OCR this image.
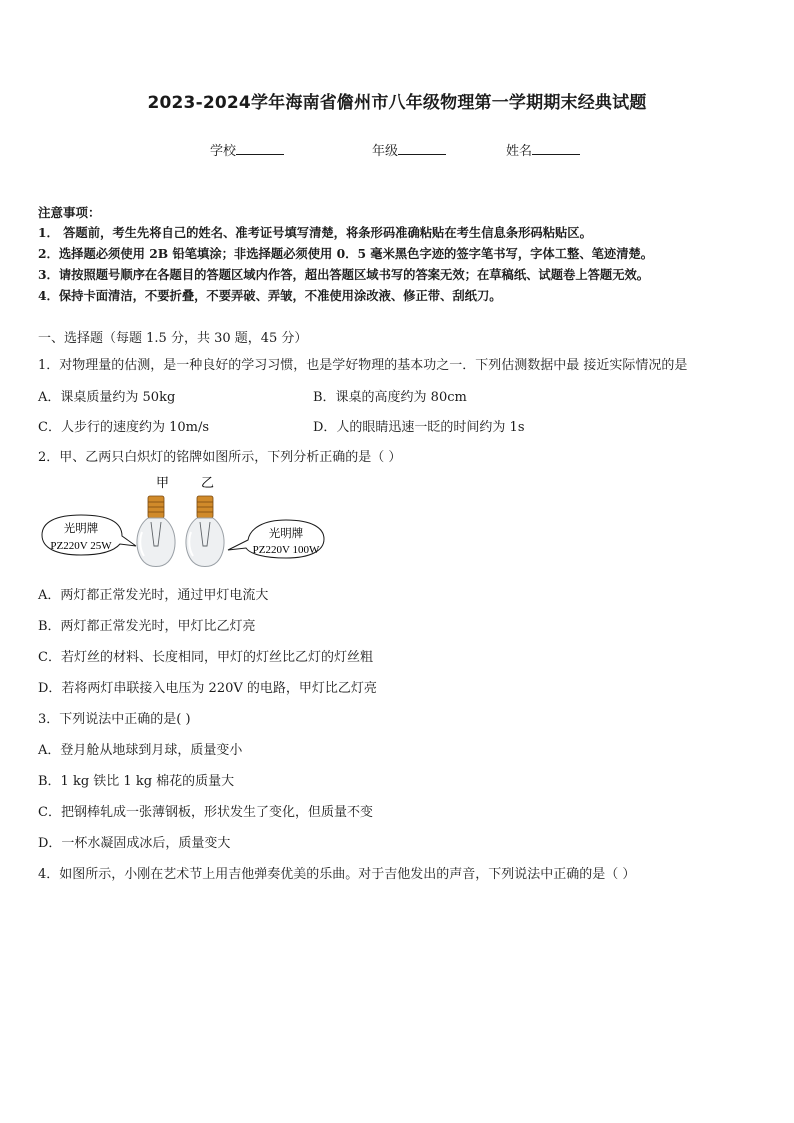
2023-2024学年海南省儋州市八年级物理第一学期期末经典试题
学校	年级	姓名
注意事项：
1． 答题前，考生先将自己的姓名、准考证号填写清楚，将条形码准确粘贴在考生信息条形码粘贴区。
2．选择题必须使用 2B 铅笔填涂；非选择题必须使用 0．5 毫米黑色字迹的签字笔书写，字体工整、笔迹清楚。
3．请按照题号顺序在各题目的答题区域内作答，超出答题区域书写的答案无效；在草稿纸、试题卷上答题无效。
4．保持卡面清洁，不要折叠，不要弄破、弄皱，不准使用涂改液、修正带、刮纸刀。
一、选择题（每题 1.5 分，共 30 题，45 分）
1．对物理量的估测，是一种良好的学习习惯，也是学好物理的基本功之一．下列估测数据中最 接近实际情况的是
A．课桌质量约为 50kg	B．课桌的高度约为 80cm
C．人步行的速度约为 10m/s	D．人的眼睛迅速一眨的时间约为 1s
2．甲、乙两只白炽灯的铭牌如图所示，下列分析正确的是（ ）
甲 乙
光明牌
PZ220V 25W
光明牌
PZ220V 100W
A．两灯都正常发光时，通过甲灯电流大
B．两灯都正常发光时，甲灯比乙灯亮
C．若灯丝的材料、长度相同，甲灯的灯丝比乙灯的灯丝粗
D．若将两灯串联接入电压为 220V 的电路，甲灯比乙灯亮
3．下列说法中正确的是( )
A．登月舱从地球到月球，质量变小
B．1 kg 铁比 1 kg 棉花的质量大
C．把钢棒轧成一张薄钢板，形状发生了变化，但质量不变
D．一杯水凝固成冰后，质量变大
4．如图所示，小刚在艺术节上用吉他弹奏优美的乐曲。对于吉他发出的声音，下列说法中正确的是（ ）
